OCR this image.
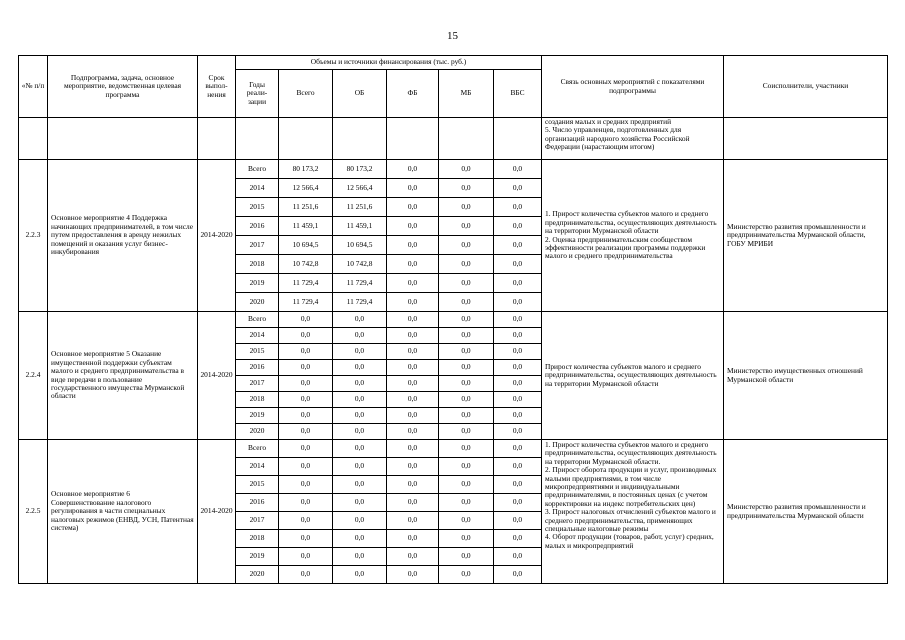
15
«№ п/п	Подпрограмма, задача, основное мероприятие, ведомственная целевая программа	Срок выпол-нения	Объемы и источники финансирования (тыс. руб.)						Связь основных мероприятий с показателями подпрограммы	Соисполнители, участники
			Годы реали-зации	Всего	ОБ	ФБ	МБ	ВБС		

									создания малых и средних предприятий
5. Число управленцев, подготовленных для организаций народного хозяйства Российской Федерации (нарастающим итогом)	

2.2.3	Основное мероприятие 4 Поддержка начинающих предпринимателей, в том числе путем предоставления в аренду нежилых помещений и оказания услуг бизнес-инкубирования	2014-2020	Всего	80 173,2	80 173,2	0,0	0,0	0,0	1. Прирост количества субъектов малого и среднего предпринимательства, осуществляющих деятельность на территории Мурманской области
2. Оценка предпринимательским сообществом эффективности реализации программы поддержки малого и среднего предпринимательства	Министерство развития промышленности и предпринимательства Мурманской области, ГОБУ МРИБИ
			2014	12 566,4	12 566,4	0,0	0,0	0,0		
			2015	11 251,6	11 251,6	0,0	0,0	0,0		
			2016	11 459,1	11 459,1	0,0	0,0	0,0		
			2017	10 694,5	10 694,5	0,0	0,0	0,0		
			2018	10 742,8	10 742,8	0,0	0,0	0,0		
			2019	11 729,4	11 729,4	0,0	0,0	0,0		
			2020	11 729,4	11 729,4	0,0	0,0	0,0		
2.2.4	Основное мероприятие 5 Оказание имущественной поддержки субъектам малого и среднего предпринимательства в виде передачи в пользование государственного имущества Мурманской области	2014-2020	Всего	0,0	0,0	0,0	0,0	0,0	Прирост количества субъектов малого и среднего предпринимательства, осуществляющих деятельность на территории Мурманской области	Министерство имущественных отношений Мурманской области
			2014	0,0	0,0	0,0	0,0	0,0		
			2015	0,0	0,0	0,0	0,0	0,0		
			2016	0,0	0,0	0,0	0,0	0,0		
			2017	0,0	0,0	0,0	0,0	0,0		
			2018	0,0	0,0	0,0	0,0	0,0		
			2019	0,0	0,0	0,0	0,0	0,0		
			2020	0,0	0,0	0,0	0,0	0,0		
2.2.5	Основное мероприятие 6 Совершенствование налогового регулирования в части специальных налоговых режимов (ЕНВД, УСН, Патентная система)	2014-2020	Всего	0,0	0,0	0,0	0,0	0,0	1. Прирост количества субъектов малого и среднего предпринимательства, осуществляющих деятельность на территории Мурманской области.
2. Прирост оборота продукции и услуг, производимых малыми предприятиями, в том числе микропредприятиями и индивидуальными предпринимателями, в постоянных ценах (с учетом корректировки на индекс потребительских цен)
3. Прирост налоговых отчислений субъектов малого и среднего предпринимательства, применяющих специальные налоговые режимы
4. Оборот продукции (товаров, работ, услуг) средних, малых и микропредприятий	Министерство развития промышленности и предпринимательства Мурманской области
			2014	0,0	0,0	0,0	0,0	0,0		
			2015	0,0	0,0	0,0	0,0	0,0		
			2016	0,0	0,0	0,0	0,0	0,0		
			2017	0,0	0,0	0,0	0,0	0,0		
			2018	0,0	0,0	0,0	0,0	0,0		
			2019	0,0	0,0	0,0	0,0	0,0		
			2020	0,0	0,0	0,0	0,0	0,0		
